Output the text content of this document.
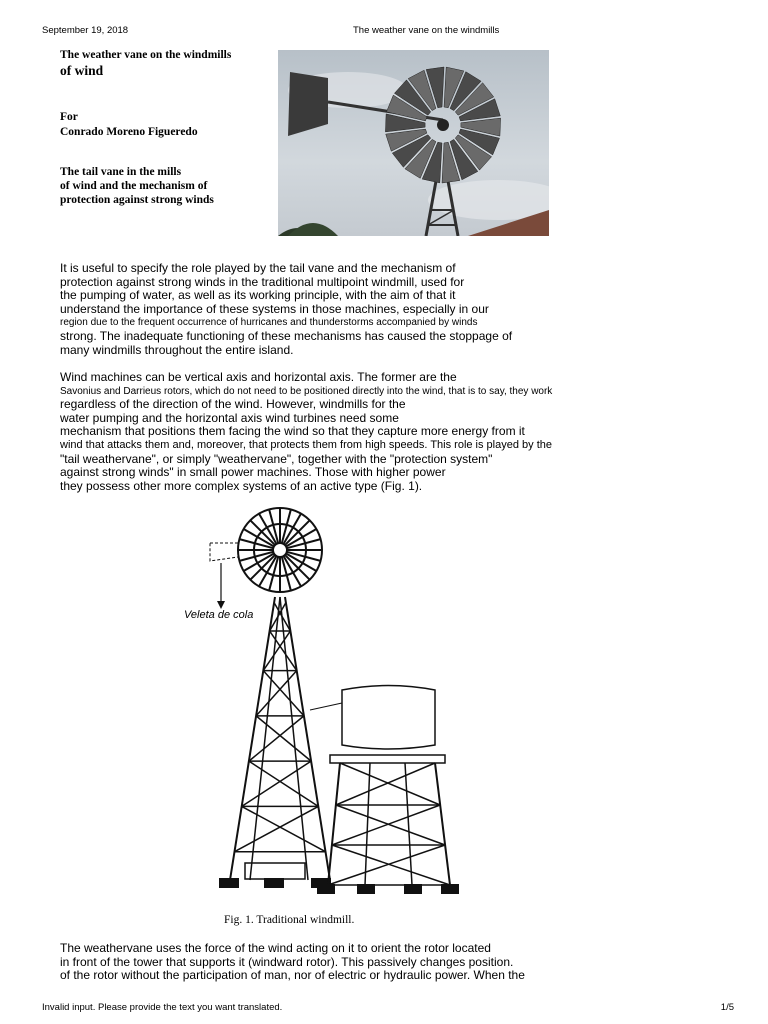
September 19, 2018	The weather vane on the windmills
The weather vane on the windmills
of wind
For
Conrado Moreno Figueredo
The tail vane in the mills
of wind and the mechanism of
protection against strong winds
It is useful to specify the role played by the tail vane and the mechanism of
protection against strong winds in the traditional multipoint windmill, used for
the pumping of water, as well as its working principle, with the aim of that it
understand the importance of these systems in those machines, especially in our
region due to the frequent occurrence of hurricanes and thunderstorms accompanied by winds
strong. The inadequate functioning of these mechanisms has caused the stoppage of
many windmills throughout the entire island.
Wind machines can be vertical axis and horizontal axis. The former are the
Savonius and Darrieus rotors, which do not need to be positioned directly into the wind, that is to say, they work
regardless of the direction of the wind. However, windmills for the
water pumping and the horizontal axis wind turbines need some
mechanism that positions them facing the wind so that they capture more energy from it
wind that attacks them and, moreover, that protects them from high speeds. This role is played by the
"tail weathervane", or simply "weathervane", together with the "protection system"
against strong winds" in small power machines. Those with higher power
they possess other more complex systems of an active type (Fig. 1).
Veleta de cola
Fig. 1. Traditional windmill.
The weathervane uses the force of the wind acting on it to orient the rotor located
in front of the tower that supports it (windward rotor). This passively changes position.
of the rotor without the participation of man, nor of electric or hydraulic power. When the
Invalid input. Please provide the text you want translated.	1/5
